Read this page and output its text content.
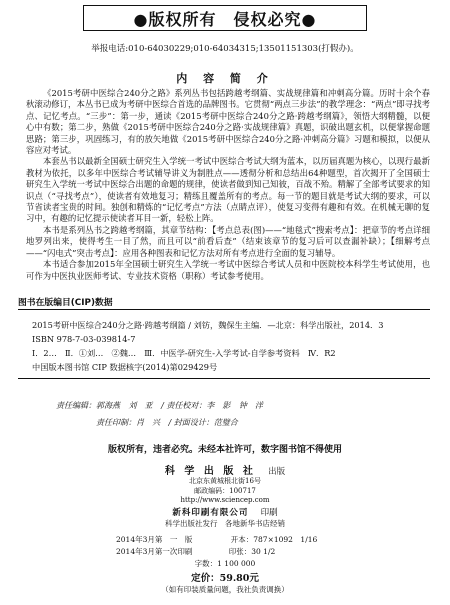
●版权所有　侵权必究●
举报电话:010-64030229;010-64034315;13501151303(打假办)。
内 容 简 介

《2015考研中医综合240分之路》系列丛书包括跨越考纲篇、实战规律篇和冲刺高分篇。历时十余个春秋滚动修订，本丛书已成为考研中医综合首选的品牌图书。它贯彻“两点三步法”的教学理念：“两点”即寻找考点、记忆考点。“三步”：第一步，通读《2015考研中医综合240分之路·跨越考纲篇》，领悟大纲精髓，以便心中有数；第二步，熟做《2015考研中医综合240分之路·实战规律篇》真题，识破出题玄机，以便掌握命题思路；第三步，巩固练习，有的放矢地做《2015考研中医综合240分之路·冲刺高分篇》习题和模拟，以便从容应对考试。

本套丛书以最新全国硕士研究生入学统一考试中医综合考试大纲为蓝本，以历届真题为核心，以现行最新教材为依托，以多年中医综合考试辅导讲义为制胜点——透彻分析和总结出64种题型，首次揭开了全国硕士研究生入学统一考试中医综合出题的命题的规律，使读者做到知己知彼，百战不殆。精解了全部考试要求的知识点（“寻找考点”），使读者有效地复习；精练且覆盖所有的考点。每一节的题目就是考试大纲的要求，可以节省读者宝贵的时间。独创和精炼的“记忆考点”方法（点睛点评），使复习变得有趣和有效。在机械无聊的复习中，有趣的记忆提示使读者耳目一新，轻松上阵。

本书是系列丛书之跨越考纲篇，其章节结构：【考点总表(图)——“地毯式”搜索考点】：把章节的考点详细地罗列出来，使得考生一目了然，而且可以“前看后查”（结束该章节的复习后可以查漏补缺）；【细解考点——“闪电式”突击考点】：应用各种图表和记忆方法对所有考点进行全面的复习辅导。

本书适合参加2015年全国硕士研究生入学统一考试中医综合考试人员和中医院校本科学生考试使用，也可作为中医执业医师考试、专业技术资格（职称）考试参考使用。

图书在版编目(CIP)数据
2015考研中医综合240分之路·跨越考纲篇 / 刘钫，魏保生主编．—北京：科学出版社，2014．3
ISBN 978-7-03-039814-7
Ⅰ．2…　Ⅱ．①刘…　②魏…　Ⅲ．中医学-研究生-入学考试-自学参考资料　Ⅳ．R2
中国版本图书馆 CIP 数据核字(2014)第029429号
责任编辑：郭海燕 刘　亚 / 责任校对：李　影 钟　洋
责任印制：肖　兴 / 封面设计：范璧合
版权所有，违者必究。未经本社许可，数字图书馆不得使用
科 学 出 版 社 出版
北京东黄城根北街16号
邮政编码：100717
http://www.sciencep.com
新科印刷有限公司 印刷
科学出版社发行　各地新华书店经销
2014年3月第　一　版	开本：787×1092　1/16
2014年3月第一次印刷	印张：30 1/2
字数：1 100 000
定价：59.80元
（如有印装质量问题，我社负责调换）
